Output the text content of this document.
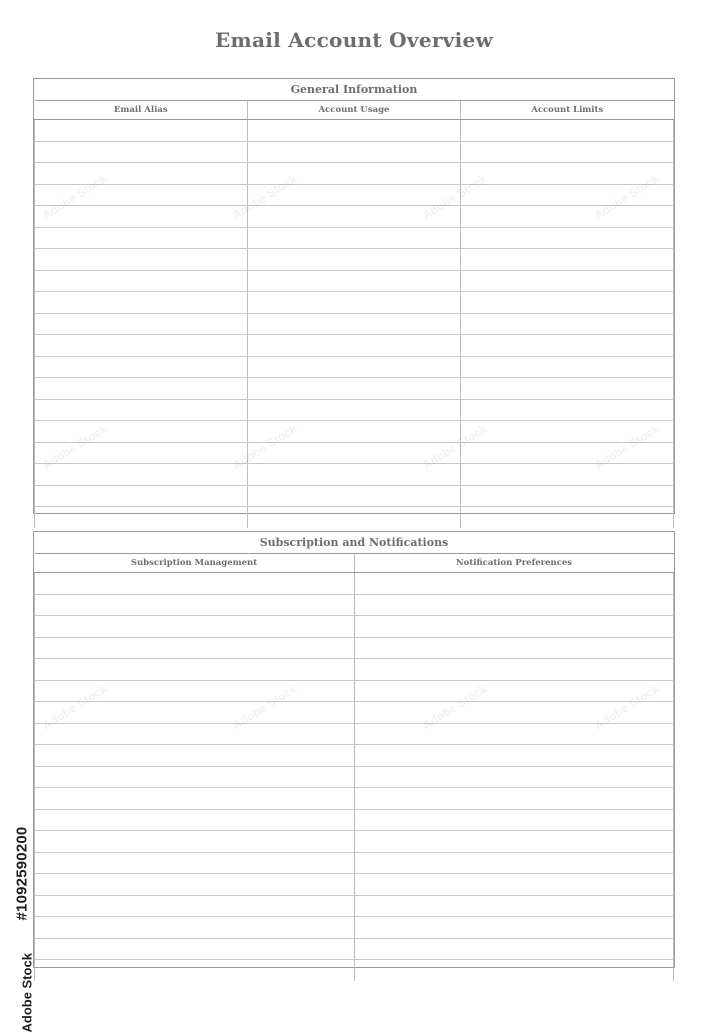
Email Account Overview
General Information		
Email Alias	Account Usage	Account Limits

Subscription and Notifications	
Subscription Management	Notification Preferences

#1092590200
Adobe Stock
